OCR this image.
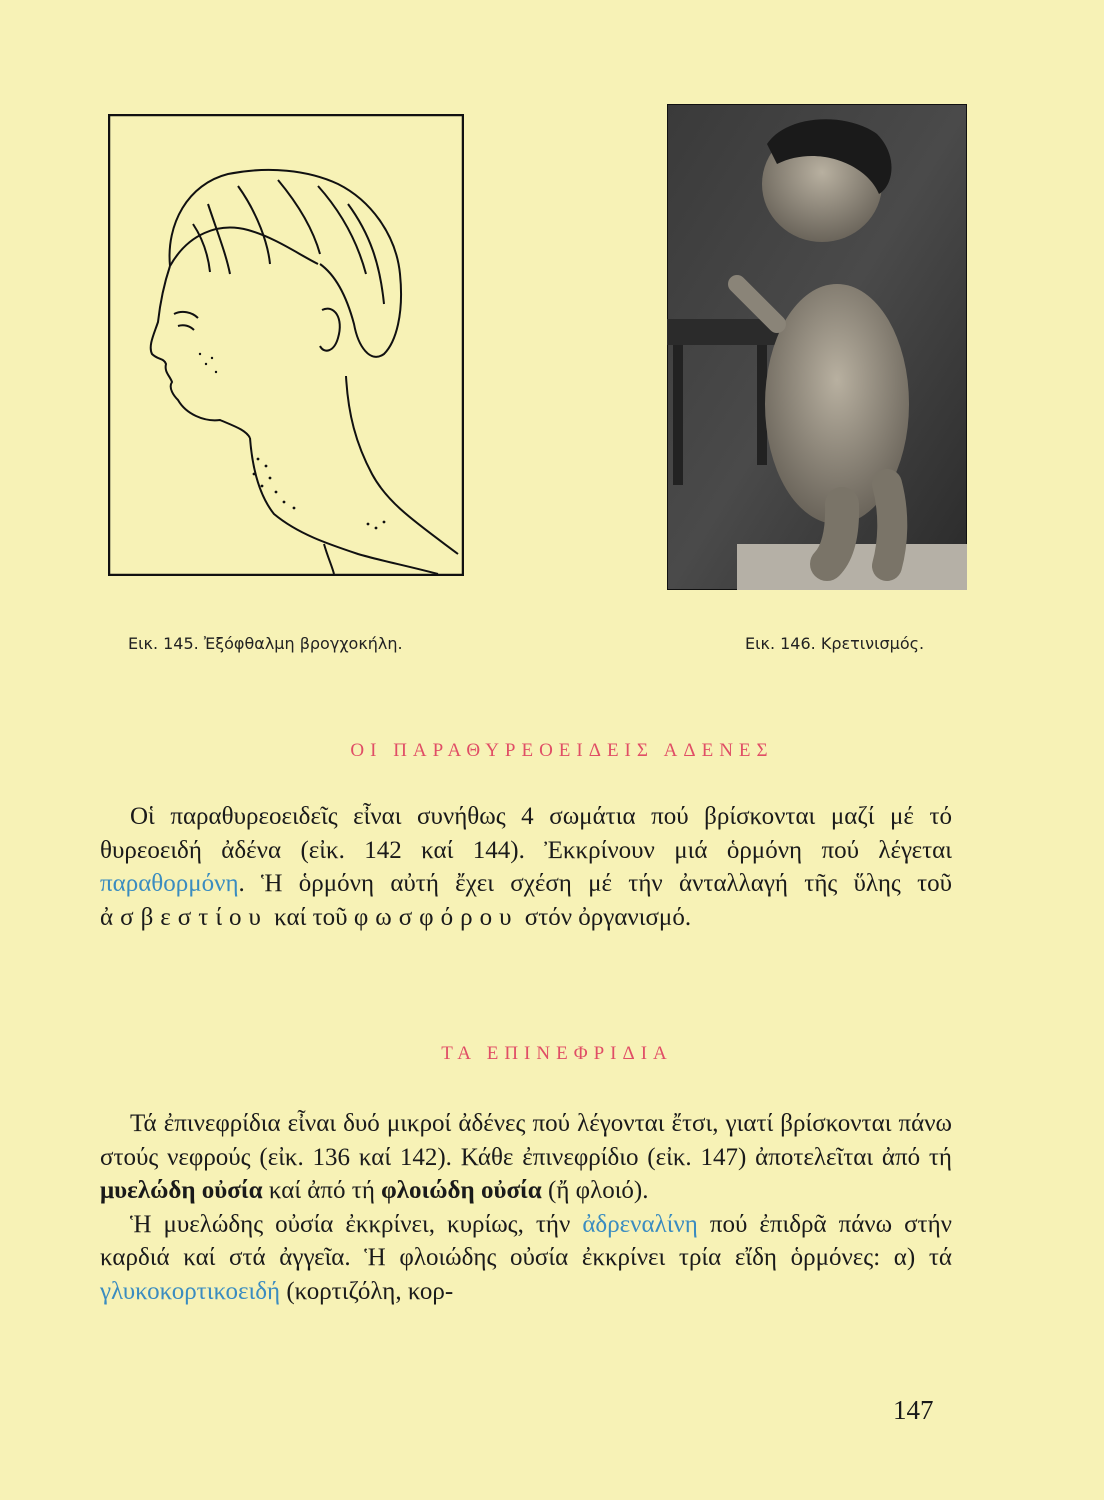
Εικ. 145. Ἐξόφθαλμη βρογχοκήλη.	Εικ. 146. Κρετινισμός.
ΟΙ ΠΑΡΑΘΥΡΕΟΕΙΔΕΙΣ ΑΔΕΝΕΣ

Οἱ παραθυρεοειδεῖς εἶναι συνήθως 4 σωμάτια πού βρίσκονται μαζί μέ τό θυρεοειδή ἀδένα (εἰκ. 142 καί 144). Ἐκκρίνουν μιά ὁρμόνη πού λέγεται παραθορμόνη. Ἡ ὁρμόνη αὐτή ἔχει σχέση μέ τήν ἀνταλλαγή τῆς ὕλης τοῦ ἀσβεστίου καί τοῦ φωσφόρου στόν ὀργανισμό.

ΤΑ ΕΠΙΝΕΦΡΙΔΙΑ

Τά ἐπινεφρίδια εἶναι δυό μικροί ἀδένες πού λέγονται ἔτσι, γιατί βρίσκονται πάνω στούς νεφρούς (εἰκ. 136 καί 142). Κάθε ἐπινεφρίδιο (εἰκ. 147) ἀποτελεῖται ἀπό τή μυελώδη οὐσία καί ἀπό τή φλοιώδη οὐσία (ἤ φλοιό).

Ἡ μυελώδης οὐσία ἐκκρίνει, κυρίως, τήν ἀδρεναλίνη πού ἐπιδρᾶ πάνω στήν καρδιά καί στά ἀγγεῖα. Ἡ φλοιώδης οὐσία ἐκκρίνει τρία εἴδη ὁρμόνες: α) τά γλυκοκορτικοειδή (κορτιζόλη, κορ-

147
